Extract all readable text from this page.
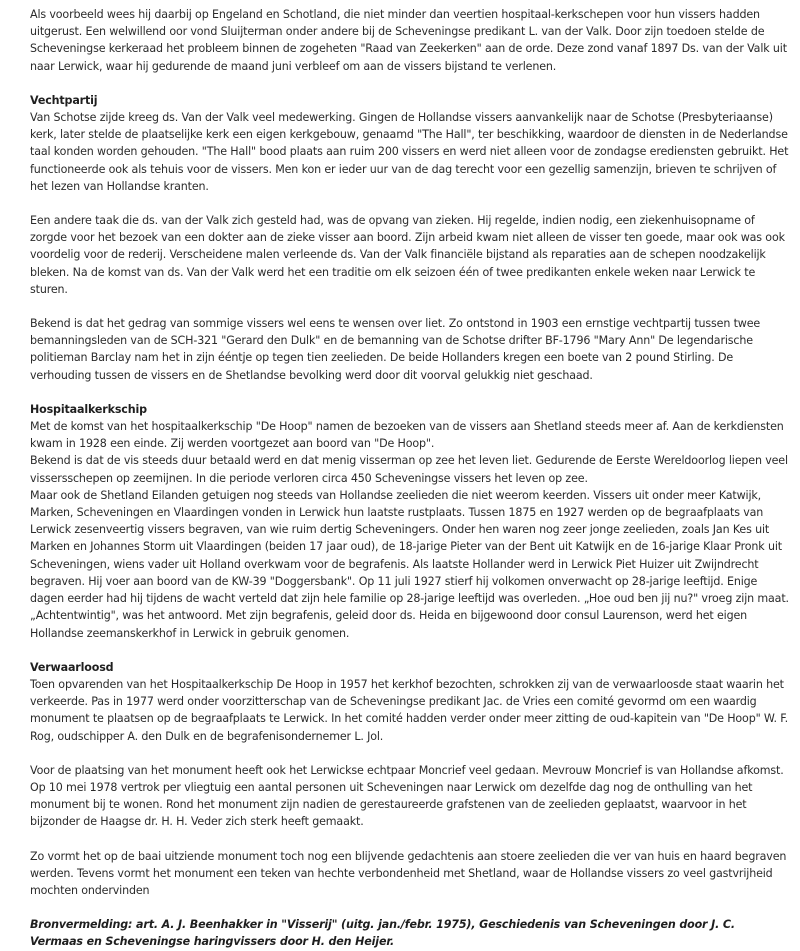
Als voorbeeld wees hij daarbij op Engeland en Schotland, die niet minder dan veertien hospitaal-kerkschepen voor hun vissers hadden uitgerust. Een welwillend oor vond Sluijterman onder andere bij de Scheveningse predikant L. van der Valk. Door zijn toedoen stelde de Scheveningse kerkeraad het probleem binnen de zogeheten "Raad van Zeekerken" aan de orde. Deze zond vanaf 1897 Ds. van der Valk uit naar Lerwick, waar hij gedurende de maand juni verbleef om aan de vissers bijstand te verlenen.

Vechtpartij

Van Schotse zijde kreeg ds. Van der Valk veel medewerking. Gingen de Hollandse vissers aanvankelijk naar de Schotse (Presbyteriaanse) kerk, later stelde de plaatselijke kerk een eigen kerkgebouw, genaamd "The Hall", ter beschikking, waardoor de diensten in de Nederlandse taal konden worden gehouden. "The Hall" bood plaats aan ruim 200 vissers en werd niet alleen voor de zondagse erediensten gebruikt. Het functioneerde ook als tehuis voor de vissers. Men kon er ieder uur van de dag terecht voor een gezellig samenzijn, brieven te schrijven of het lezen van Hollandse kranten.

Een andere taak die ds. van der Valk zich gesteld had, was de opvang van zieken. Hij regelde, indien nodig, een ziekenhuisopname of zorgde voor het bezoek van een dokter aan de zieke visser aan boord. Zijn arbeid kwam niet alleen de visser ten goede, maar ook was ook voordelig voor de rederij. Verscheidene malen verleende ds. Van der Valk financiële bijstand als reparaties aan de schepen noodzakelijk bleken. Na de komst van ds. Van der Valk werd het een traditie om elk seizoen één of twee predikanten enkele weken naar Lerwick te sturen.

Bekend is dat het gedrag van sommige vissers wel eens te wensen over liet. Zo ontstond in 1903 een ernstige vechtpartij tussen twee bemanningsleden van de SCH-321 "Gerard den Dulk" en de bemanning van de Schotse drifter BF-1796 "Mary Ann" De legendarische politieman Barclay nam het in zijn ééntje op tegen tien zeelieden. De beide Hollanders kregen een boete van 2 pound Stirling. De verhouding tussen de vissers en de Shetlandse bevolking werd door dit voorval gelukkig niet geschaad.

Hospitaalkerkschip

Met de komst van het hospitaalkerkschip "De Hoop" namen de bezoeken van de vissers aan Shetland steeds meer af. Aan de kerkdiensten kwam in 1928 een einde. Zij werden voortgezet aan boord van "De Hoop".

Bekend is dat de vis steeds duur betaald werd en dat menig visserman op zee het leven liet. Gedurende de Eerste Wereldoorlog liepen veel vissersschepen op zeemijnen. In die periode verloren circa 450 Scheveningse vissers het leven op zee.

Maar ook de Shetland Eilanden getuigen nog steeds van Hollandse zeelieden die niet weerom keerden. Vissers uit onder meer Katwijk, Marken, Scheveningen en Vlaardingen vonden in Lerwick hun laatste rustplaats. Tussen 1875 en 1927 werden op de begraafplaats van Lerwick zesenveertig vissers begraven, van wie ruim dertig Scheveningers. Onder hen waren nog zeer jonge zeelieden, zoals Jan Kes uit Marken en Johannes Storm uit Vlaardingen (beiden 17 jaar oud), de 18-jarige Pieter van der Bent uit Katwijk en de 16-jarige Klaar Pronk uit Scheveningen, wiens vader uit Holland overkwam voor de begrafenis. Als laatste Hollander werd in Lerwick Piet Huizer uit Zwijndrecht begraven. Hij voer aan boord van de KW-39 "Doggersbank". Op 11 juli 1927 stierf hij volkomen onverwacht op 28-jarige leeftijd. Enige dagen eerder had hij tijdens de wacht verteld dat zijn hele familie op 28-jarige leeftijd was overleden. „Hoe oud ben jij nu?" vroeg zijn maat. „Achtentwintig", was het antwoord. Met zijn begrafenis, geleid door ds. Heida en bijgewoond door consul Laurenson, werd het eigen Hollandse zeemanskerkhof in Lerwick in gebruik genomen.

Verwaarloosd

Toen opvarenden van het Hospitaalkerkschip De Hoop in 1957 het kerkhof bezochten, schrokken zij van de verwaarloosde staat waarin het verkeerde. Pas in 1977 werd onder voorzitterschap van de Scheveningse predikant Jac. de Vries een comité gevormd om een waardig monument te plaatsen op de begraafplaats te Lerwick. In het comité hadden verder onder meer zitting de oud-kapitein van "De Hoop" W. F. Rog, oudschipper A. den Dulk en de begrafenisondernemer L. Jol.

Voor de plaatsing van het monument heeft ook het Lerwickse echtpaar Moncrief veel gedaan. Mevrouw Moncrief is van Hollandse afkomst. Op 10 mei 1978 vertrok per vliegtuig een aantal personen uit Scheveningen naar Lerwick om dezelfde dag nog de onthulling van het monument bij te wonen. Rond het monument zijn nadien de gerestaureerde grafstenen van de zeelieden geplaatst, waarvoor in het bijzonder de Haagse dr. H. H. Veder zich sterk heeft gemaakt.

Zo vormt het op de baai uitziende monument toch nog een blijvende gedachtenis aan stoere zeelieden die ver van huis en haard begraven werden. Tevens vormt het monument een teken van hechte verbondenheid met Shetland, waar de Hollandse vissers zo veel gastvrijheid mochten ondervinden

Bronvermelding: art. A. J. Beenhakker in "Visserij" (uitg. jan./febr. 1975), Geschiedenis van Scheveningen door J. C. Vermaas en Scheveningse haringvissers door H. den Heijer.
